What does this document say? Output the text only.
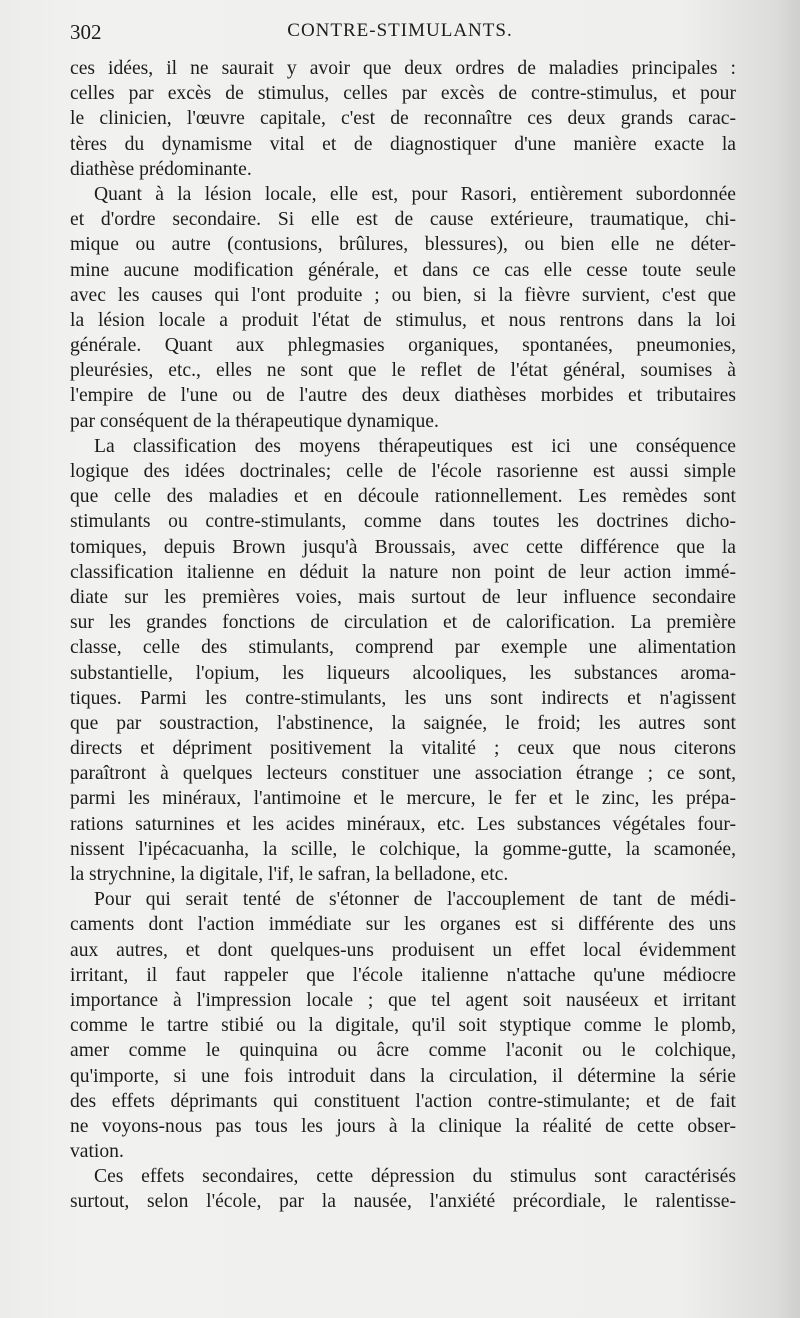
302	CONTRE-STIMULANTS.
ces idées, il ne saurait y avoir que deux ordres de maladies principales :
celles par excès de stimulus, celles par excès de contre-stimulus, et pour
le clinicien, l'œuvre capitale, c'est de reconnaître ces deux grands carac-
tères du dynamisme vital et de diagnostiquer d'une manière exacte la
diathèse prédominante.
Quant à la lésion locale, elle est, pour Rasori, entièrement subordonnée
et d'ordre secondaire. Si elle est de cause extérieure, traumatique, chi-
mique ou autre (contusions, brûlures, blessures), ou bien elle ne déter-
mine aucune modification générale, et dans ce cas elle cesse toute seule
avec les causes qui l'ont produite ; ou bien, si la fièvre survient, c'est que
la lésion locale a produit l'état de stimulus, et nous rentrons dans la loi
générale. Quant aux phlegmasies organiques, spontanées, pneumonies,
pleurésies, etc., elles ne sont que le reflet de l'état général, soumises à
l'empire de l'une ou de l'autre des deux diathèses morbides et tributaires
par conséquent de la thérapeutique dynamique.
La classification des moyens thérapeutiques est ici une conséquence
logique des idées doctrinales; celle de l'école rasorienne est aussi simple
que celle des maladies et en découle rationnellement. Les remèdes sont
stimulants ou contre-stimulants, comme dans toutes les doctrines dicho-
tomiques, depuis Brown jusqu'à Broussais, avec cette différence que la
classification italienne en déduit la nature non point de leur action immé-
diate sur les premières voies, mais surtout de leur influence secondaire
sur les grandes fonctions de circulation et de calorification. La première
classe, celle des stimulants, comprend par exemple une alimentation
substantielle, l'opium, les liqueurs alcooliques, les substances aroma-
tiques. Parmi les contre-stimulants, les uns sont indirects et n'agissent
que par soustraction, l'abstinence, la saignée, le froid; les autres sont
directs et dépriment positivement la vitalité ; ceux que nous citerons
paraîtront à quelques lecteurs constituer une association étrange ; ce sont,
parmi les minéraux, l'antimoine et le mercure, le fer et le zinc, les prépa-
rations saturnines et les acides minéraux, etc. Les substances végétales four-
nissent l'ipécacuanha, la scille, le colchique, la gomme-gutte, la scamonée,
la strychnine, la digitale, l'if, le safran, la belladone, etc.
Pour qui serait tenté de s'étonner de l'accouplement de tant de médi-
caments dont l'action immédiate sur les organes est si différente des uns
aux autres, et dont quelques-uns produisent un effet local évidemment
irritant, il faut rappeler que l'école italienne n'attache qu'une médiocre
importance à l'impression locale ; que tel agent soit nauséeux et irritant
comme le tartre stibié ou la digitale, qu'il soit styptique comme le plomb,
amer comme le quinquina ou âcre comme l'aconit ou le colchique,
qu'importe, si une fois introduit dans la circulation, il détermine la série
des effets déprimants qui constituent l'action contre-stimulante; et de fait
ne voyons-nous pas tous les jours à la clinique la réalité de cette obser-
vation.
Ces effets secondaires, cette dépression du stimulus sont caractérisés
surtout, selon l'école, par la nausée, l'anxiété précordiale, le ralentisse-
